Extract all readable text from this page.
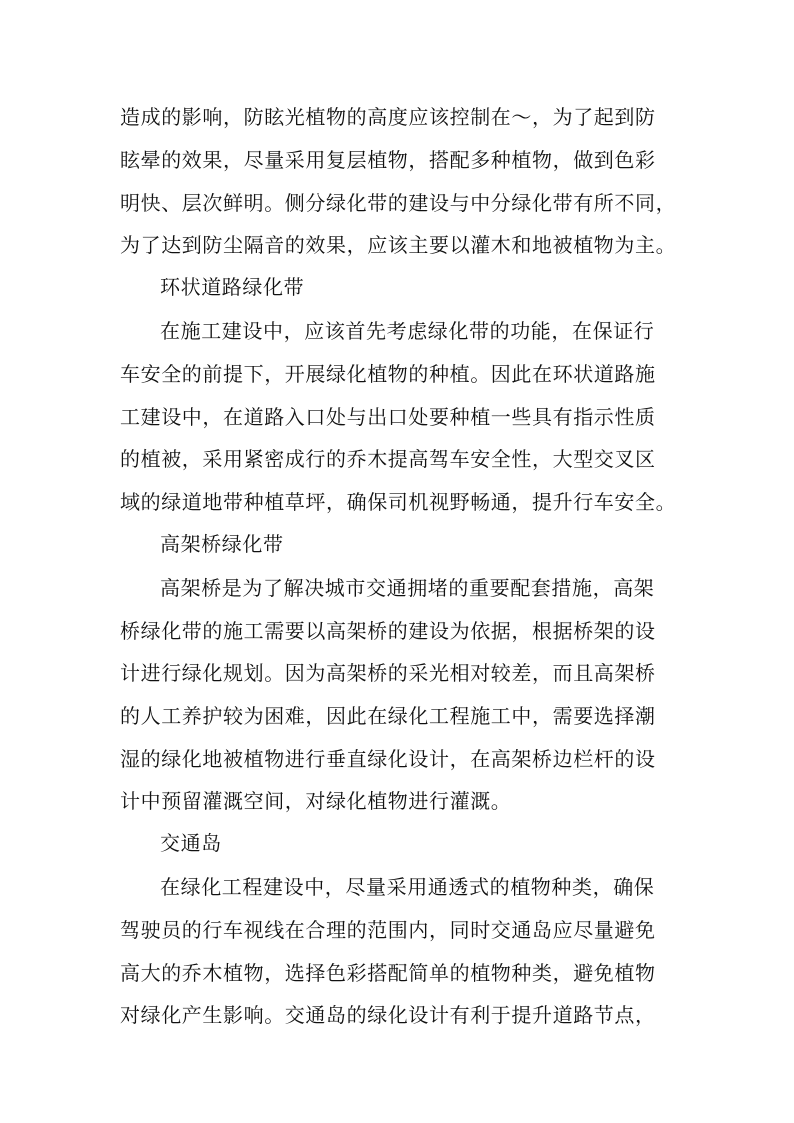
造成的影响，防眩光植物的高度应该控制在～，为了起到防
眩晕的效果，尽量采用复层植物，搭配多种植物，做到色彩
明快、层次鲜明。侧分绿化带的建设与中分绿化带有所不同，
为了达到防尘隔音的效果，应该主要以灌木和地被植物为主。
环状道路绿化带
在施工建设中，应该首先考虑绿化带的功能，在保证行
车安全的前提下，开展绿化植物的种植。因此在环状道路施
工建设中，在道路入口处与出口处要种植一些具有指示性质
的植被，采用紧密成行的乔木提高驾车安全性，大型交叉区
域的绿道地带种植草坪，确保司机视野畅通，提升行车安全。
高架桥绿化带
高架桥是为了解决城市交通拥堵的重要配套措施，高架
桥绿化带的施工需要以高架桥的建设为依据，根据桥架的设
计进行绿化规划。因为高架桥的采光相对较差，而且高架桥
的人工养护较为困难，因此在绿化工程施工中，需要选择潮
湿的绿化地被植物进行垂直绿化设计，在高架桥边栏杆的设
计中预留灌溉空间，对绿化植物进行灌溉。
交通岛
在绿化工程建设中，尽量采用通透式的植物种类，确保
驾驶员的行车视线在合理的范围内，同时交通岛应尽量避免
高大的乔木植物，选择色彩搭配简单的植物种类，避免植物
对绿化产生影响。交通岛的绿化设计有利于提升道路节点，
